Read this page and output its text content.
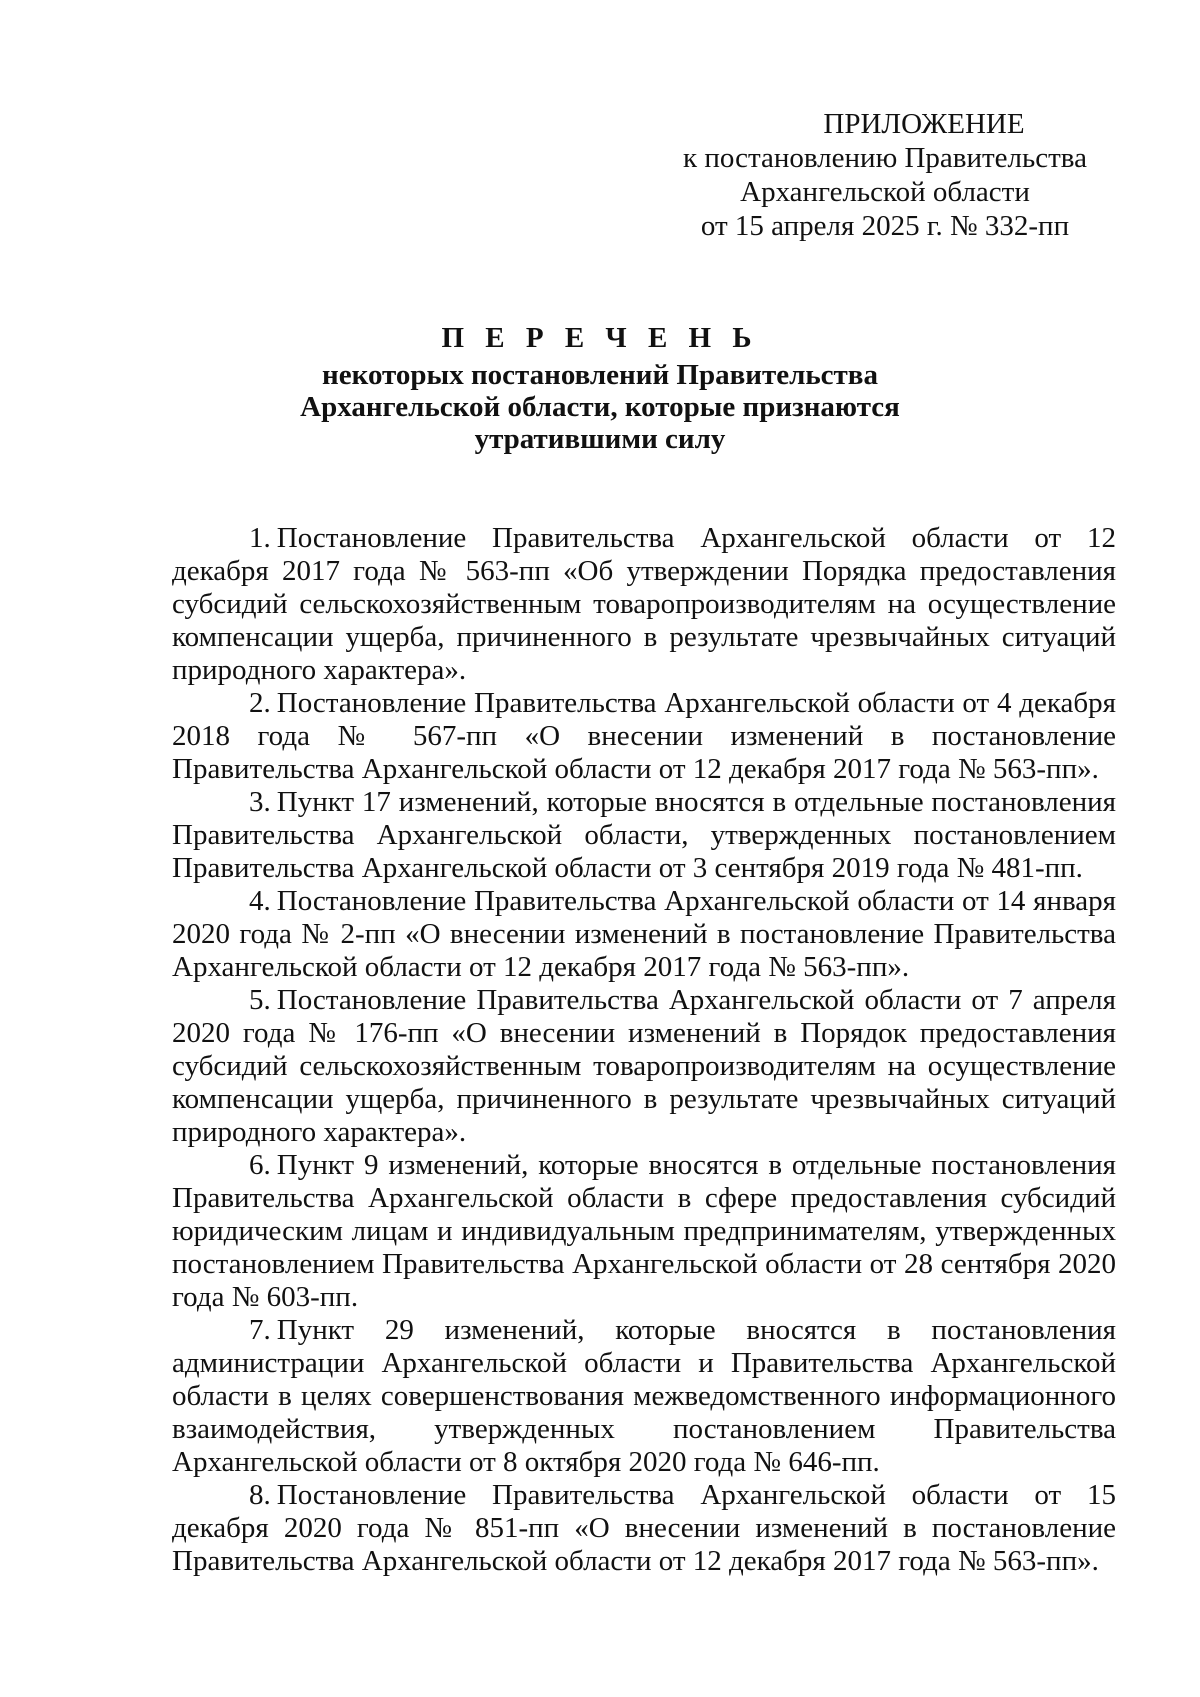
ПРИЛОЖЕНИЕ
к постановлению Правительства
Архангельской области
от 15 апреля 2025 г. № 332-пп
П Е Р Е Ч Е Н Ь
некоторых постановлений Правительства
Архангельской области, которые признаются
утратившими силу

1. Постановление Правительства Архангельской области от 12 декабря 2017 года № 563-пп «Об утверждении Порядка предоставления субсидий сельскохозяйственным товаропроизводителям на осуществление компенсации ущерба, причиненного в результате чрезвычайных ситуаций природного характера».

2. Постановление Правительства Архангельской области от 4 декабря 2018 года № 567-пп «О внесении изменений в постановление Правительства Архангельской области от 12 декабря 2017 года № 563-пп».

3. Пункт 17 изменений, которые вносятся в отдельные постановления Правительства Архангельской области, утвержденных постановлением Правительства Архангельской области от 3 сентября 2019 года № 481-пп.

4. Постановление Правительства Архангельской области от 14 января 2020 года № 2-пп «О внесении изменений в постановление Правительства Архангельской области от 12 декабря 2017 года № 563-пп».

5. Постановление Правительства Архангельской области от 7 апреля 2020 года № 176-пп «О внесении изменений в Порядок предоставления субсидий сельскохозяйственным товаропроизводителям на осуществление компенсации ущерба, причиненного в результате чрезвычайных ситуаций природного характера».

6. Пункт 9 изменений, которые вносятся в отдельные постановления Правительства Архангельской области в сфере предоставления субсидий юридическим лицам и индивидуальным предпринимателям, утвержденных постановлением Правительства Архангельской области от 28 сентября 2020 года № 603-пп.

7. Пункт 29 изменений, которые вносятся в постановления администрации Архангельской области и Правительства Архангельской области в целях совершенствования межведомственного информационного взаимодействия, утвержденных постановлением Правительства Архангельской области от 8 октября 2020 года № 646-пп.

8. Постановление Правительства Архангельской области от 15 декабря 2020 года № 851-пп «О внесении изменений в постановление Правительства Архангельской области от 12 декабря 2017 года № 563-пп».
